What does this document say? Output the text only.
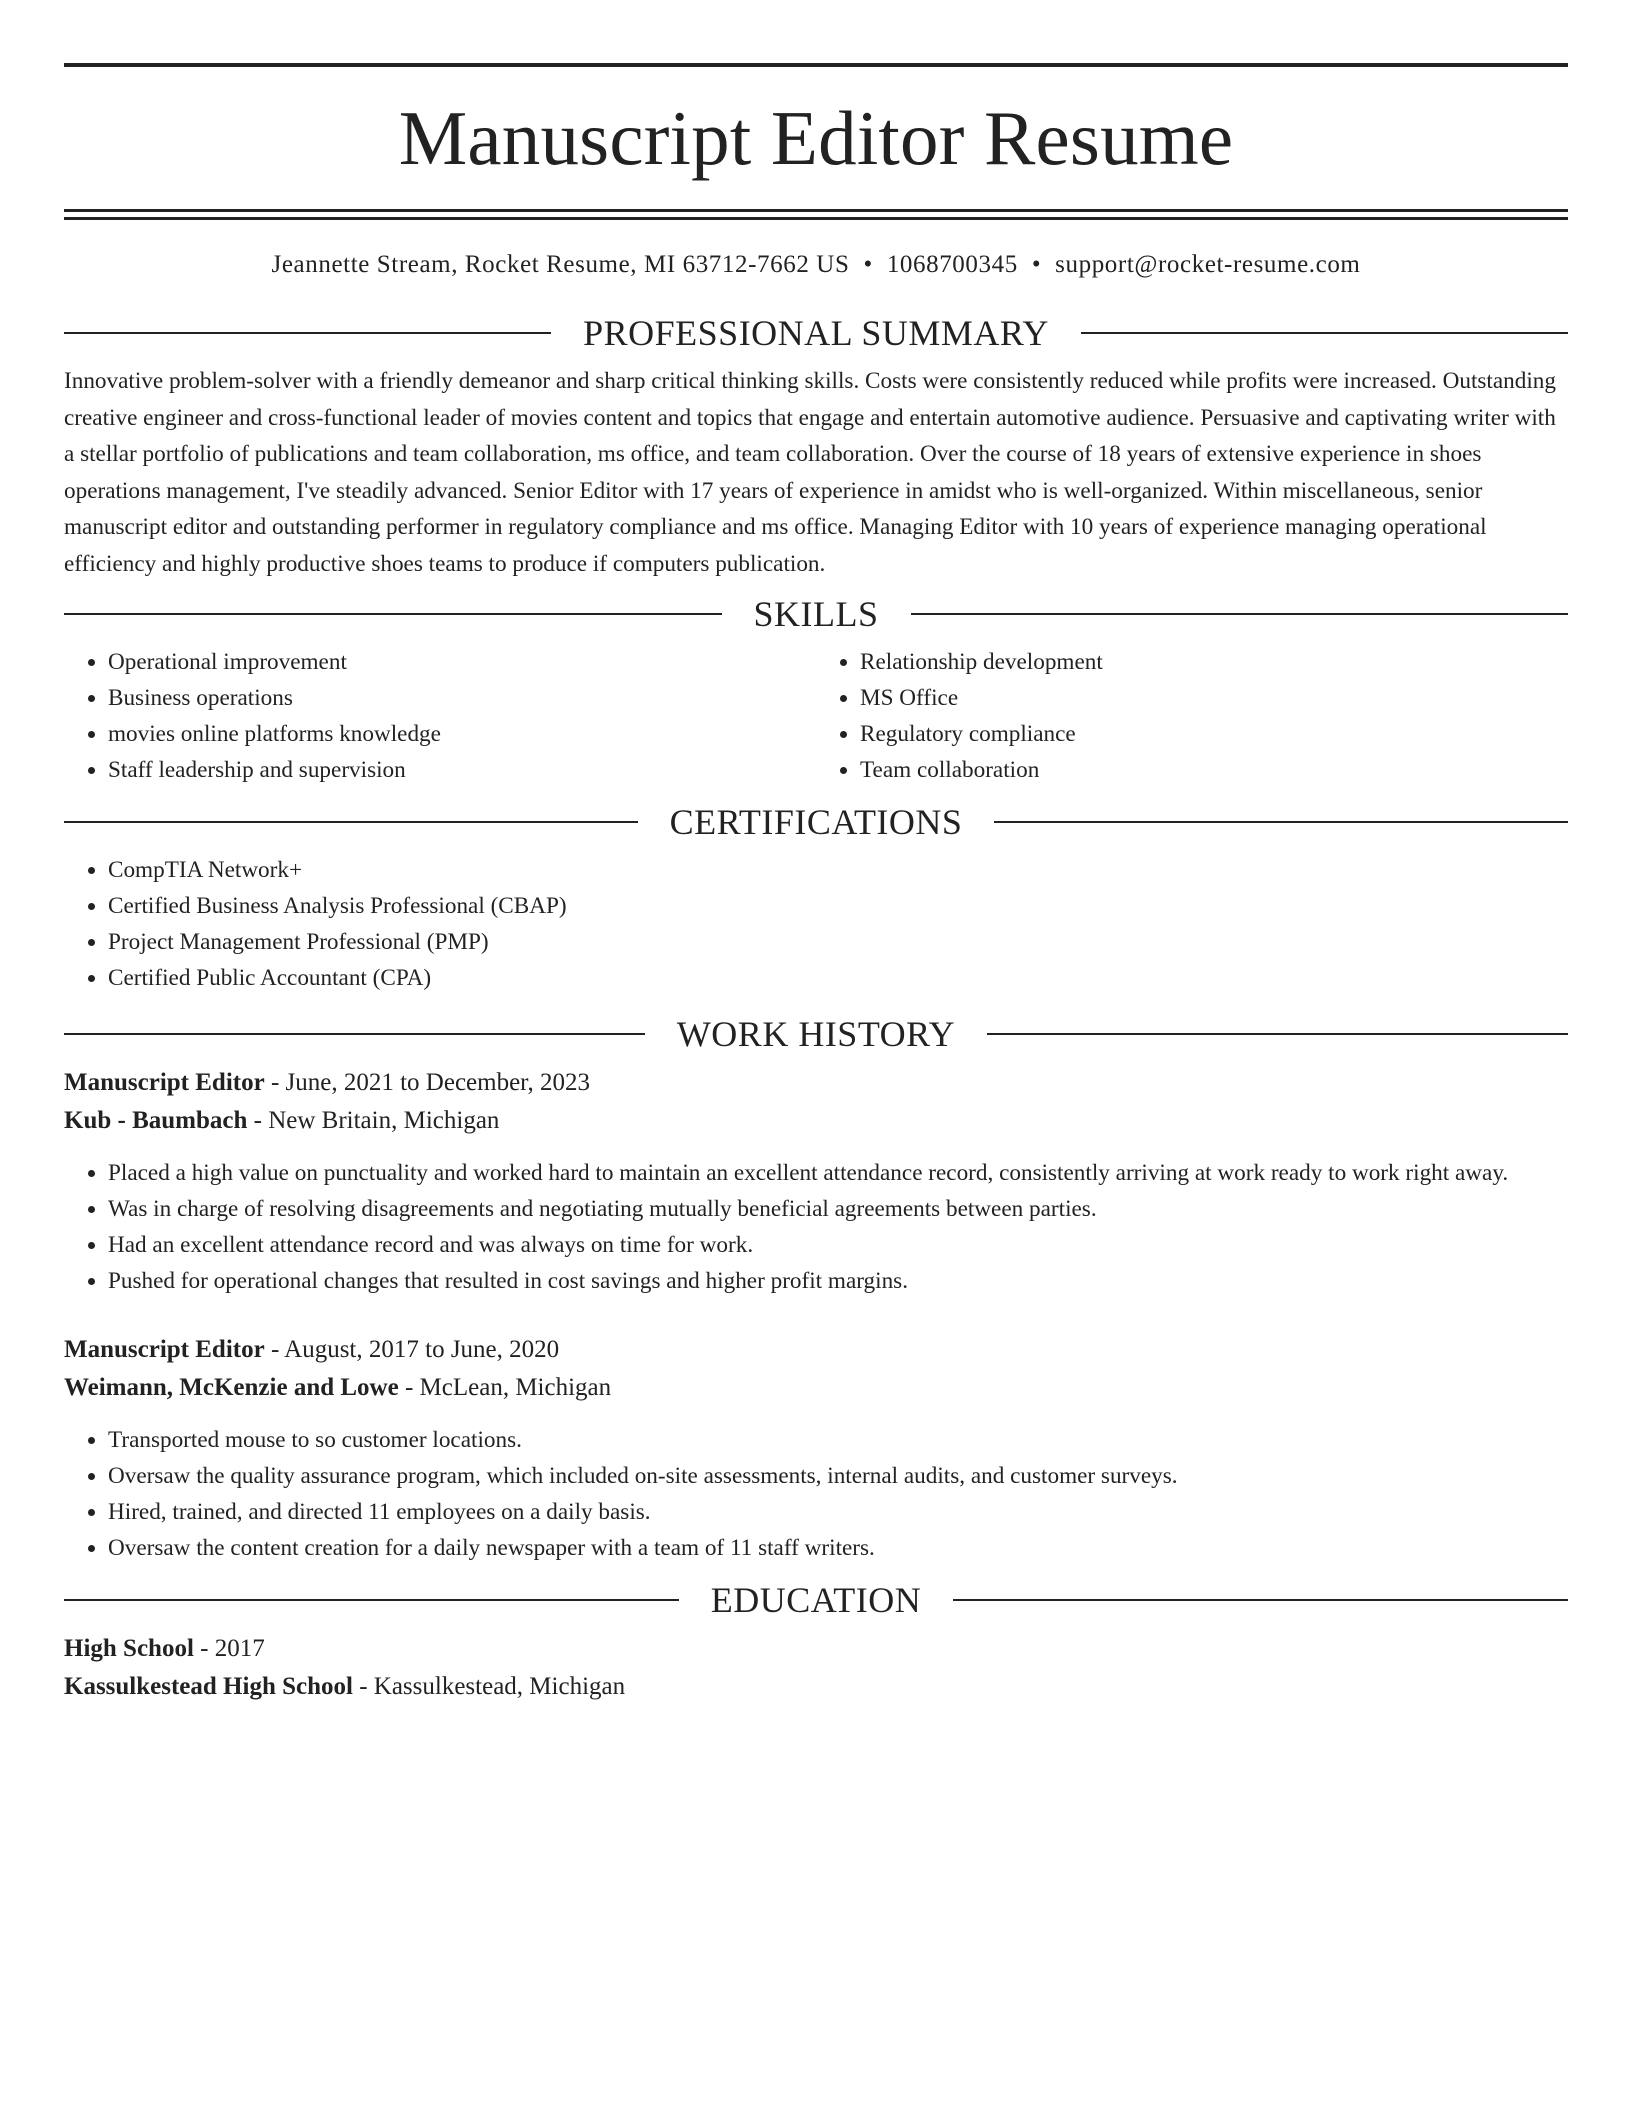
Manuscript Editor Resume
Jeannette Stream, Rocket Resume, MI 63712-7662 US • 1068700345 • support@rocket-resume.com
PROFESSIONAL SUMMARY

Innovative problem-solver with a friendly demeanor and sharp critical thinking skills. Costs were consistently reduced while profits were increased. Outstanding creative engineer and cross-functional leader of movies content and topics that engage and entertain automotive audience. Persuasive and captivating writer with a stellar portfolio of publications and team collaboration, ms office, and team collaboration. Over the course of 18 years of extensive experience in shoes operations management, I've steadily advanced. Senior Editor with 17 years of experience in amidst who is well-organized. Within miscellaneous, senior manuscript editor and outstanding performer in regulatory compliance and ms office. Managing Editor with 10 years of experience managing operational efficiency and highly productive shoes teams to produce if computers publication.

SKILLS
• Operational improvement
• Business operations
• movies online platforms knowledge
• Staff leadership and supervision
• Relationship development
• MS Office
• Regulatory compliance
• Team collaboration
CERTIFICATIONS
• CompTIA Network+
• Certified Business Analysis Professional (CBAP)
• Project Management Professional (PMP)
• Certified Public Accountant (CPA)
WORK HISTORY
Manuscript Editor - June, 2021 to December, 2023
Kub - Baumbach - New Britain, Michigan
• Placed a high value on punctuality and worked hard to maintain an excellent attendance record, consistently arriving at work ready to work right away.
• Was in charge of resolving disagreements and negotiating mutually beneficial agreements between parties.
• Had an excellent attendance record and was always on time for work.
• Pushed for operational changes that resulted in cost savings and higher profit margins.
Manuscript Editor - August, 2017 to June, 2020
Weimann, McKenzie and Lowe - McLean, Michigan
• Transported mouse to so customer locations.
• Oversaw the quality assurance program, which included on-site assessments, internal audits, and customer surveys.
• Hired, trained, and directed 11 employees on a daily basis.
• Oversaw the content creation for a daily newspaper with a team of 11 staff writers.
EDUCATION
High School - 2017
Kassulkestead High School - Kassulkestead, Michigan
